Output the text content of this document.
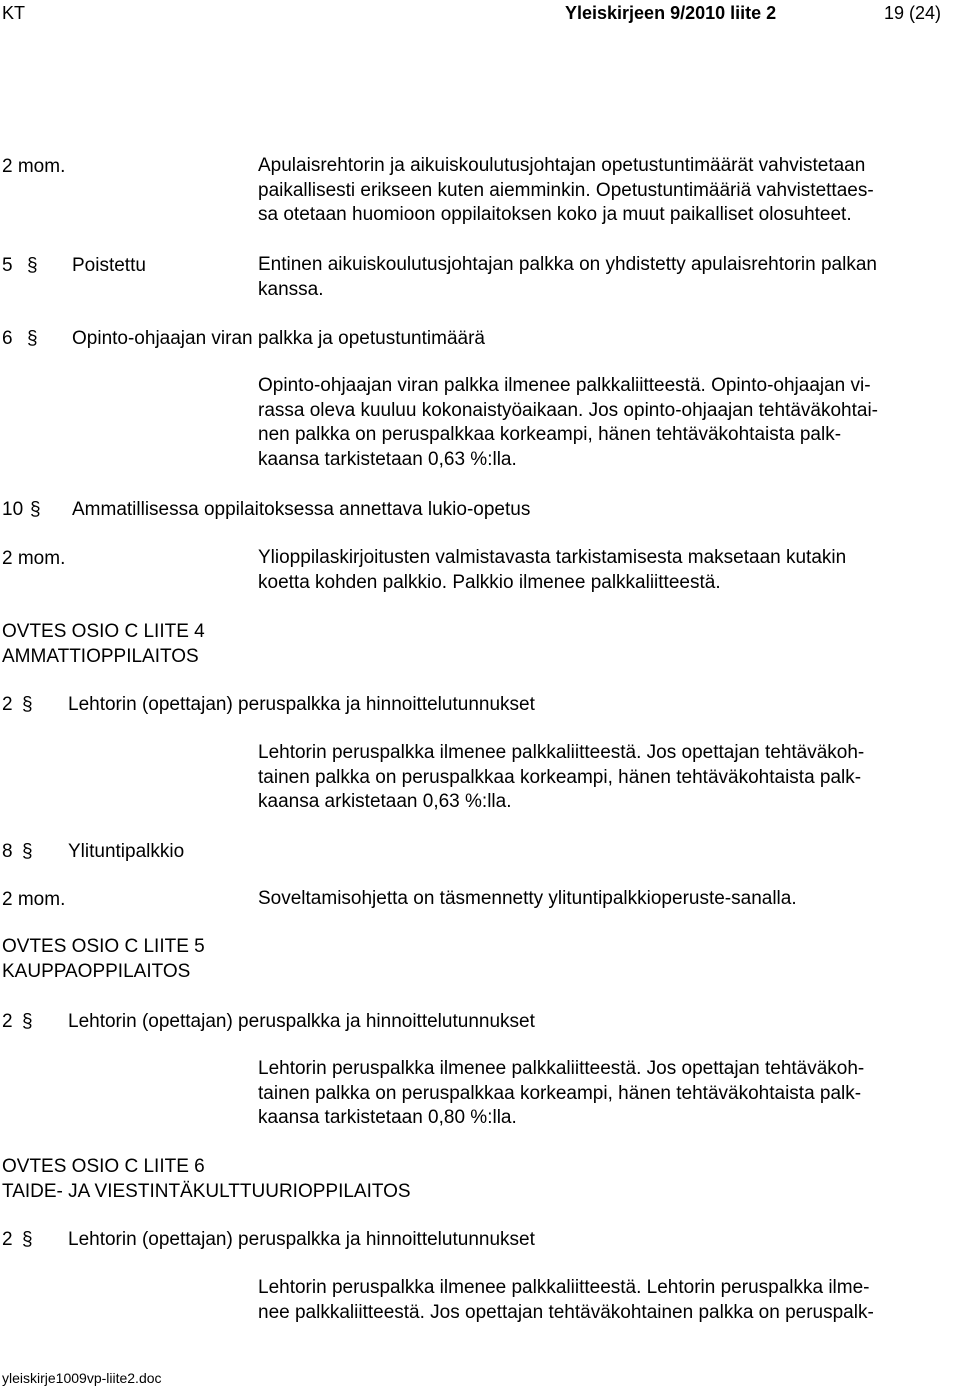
KT	Yleiskirjeen 9/2010 liite 2	19 (24)
2 mom.	Apulaisrehtorin ja aikuiskoulutusjohtajan opetustuntimäärät vahvistetaan
paikallisesti erikseen kuten aiemminkin. Opetustuntimääriä vahvistettaes-
sa otetaan huomioon oppilaitoksen koko ja muut paikalliset olosuhteet.
5 § Poistettu	Entinen aikuiskoulutusjohtajan palkka on yhdistetty apulaisrehtorin palkan
kanssa.
6 § Opinto-ohjaajan viran palkka ja opetustuntimäärä
Opinto-ohjaajan viran palkka ilmenee palkkaliitteestä. Opinto-ohjaajan vi-
rassa oleva kuuluu kokonaistyöaikaan. Jos opinto-ohjaajan tehtäväkohtai-
nen palkka on peruspalkkaa korkeampi, hänen tehtäväkohtaista palk-
kaansa tarkistetaan 0,63 %:lla.
10 § Ammatillisessa oppilaitoksessa annettava lukio-opetus
2 mom.	Ylioppilaskirjoitusten valmistavasta tarkistamisesta maksetaan kutakin
koetta kohden palkkio. Palkkio ilmenee palkkaliitteestä.
OVTES OSIO C LIITE 4
AMMATTIOPPILAITOS
2 § Lehtorin (opettajan) peruspalkka ja hinnoittelutunnukset
Lehtorin peruspalkka ilmenee palkkaliitteestä. Jos opettajan tehtäväkoh-
tainen palkka on peruspalkkaa korkeampi, hänen tehtäväkohtaista palk-
kaansa arkistetaan 0,63 %:lla.
8 § Ylituntipalkkio
2 mom.	Soveltamisohjetta on täsmennetty ylituntipalkkioperuste-sanalla.
OVTES OSIO C LIITE 5
KAUPPAOPPILAITOS
2 § Lehtorin (opettajan) peruspalkka ja hinnoittelutunnukset
Lehtorin peruspalkka ilmenee palkkaliitteestä. Jos opettajan tehtäväkoh-
tainen palkka on peruspalkkaa korkeampi, hänen tehtäväkohtaista palk-
kaansa tarkistetaan 0,80 %:lla.
OVTES OSIO C LIITE 6
TAIDE- JA VIESTINTÄKULTTUURIOPPILAITOS
2 § Lehtorin (opettajan) peruspalkka ja hinnoittelutunnukset
Lehtorin peruspalkka ilmenee palkkaliitteestä. Lehtorin peruspalkka ilme-
nee palkkaliitteestä. Jos opettajan tehtäväkohtainen palkka on peruspalk-
yleiskirje1009vp-liite2.doc
